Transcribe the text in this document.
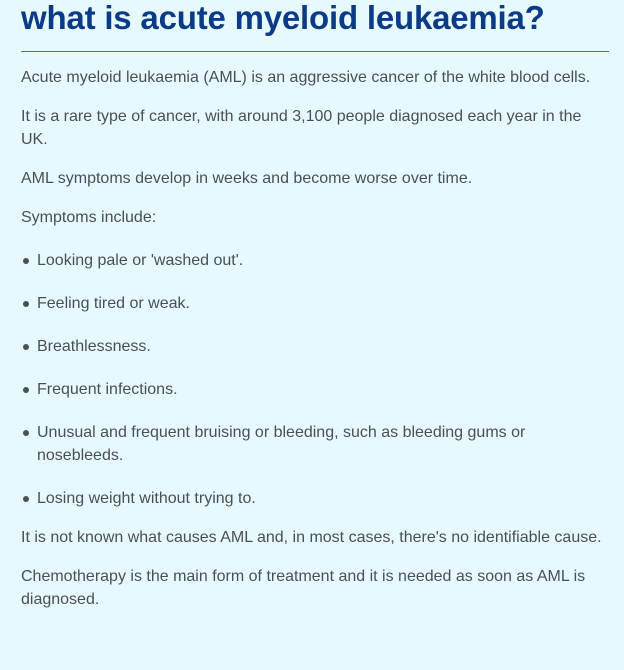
what is acute myeloid leukaemia?

Acute myeloid leukaemia (AML) is an aggressive cancer of the white blood cells.

It is a rare type of cancer, with around 3,100 people diagnosed each year in the UK.

AML symptoms develop in weeks and become worse over time.

Symptoms include:

Looking pale or 'washed out'.
Feeling tired or weak.
Breathlessness.
Frequent infections.
Unusual and frequent bruising or bleeding, such as bleeding gums or nosebleeds.
Losing weight without trying to.

It is not known what causes AML and, in most cases, there's no identifiable cause.

Chemotherapy is the main form of treatment and it is needed as soon as AML is diagnosed.
